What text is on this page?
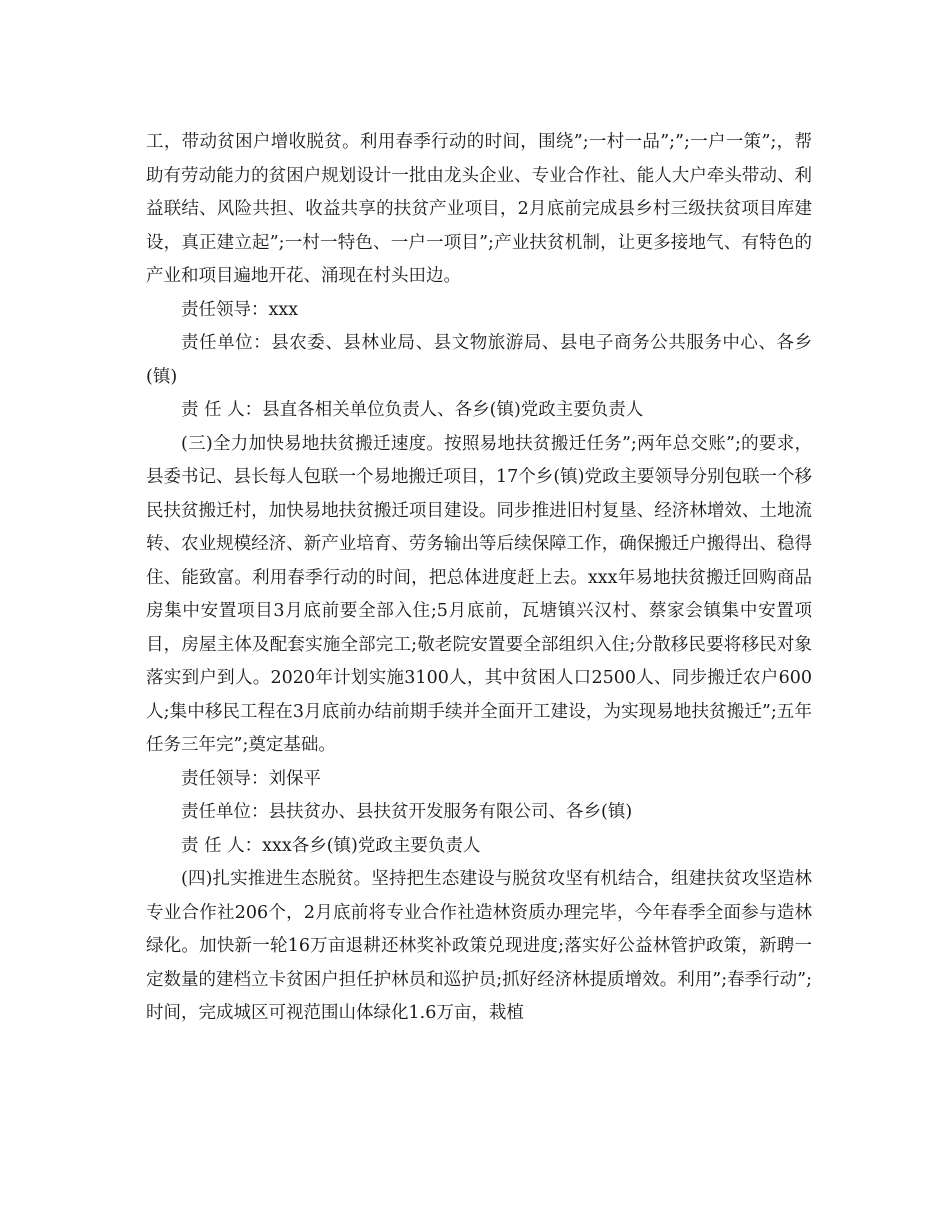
工，带动贫困户增收脱贫。利用春季行动的时间，围绕”;一村一品”;”;一户一策”;，帮助有劳动能力的贫困户规划设计一批由龙头企业、专业合作社、能人大户牵头带动、利益联结、风险共担、收益共享的扶贫产业项目，2月底前完成县乡村三级扶贫项目库建设，真正建立起”;一村一特色、一户一项目”;产业扶贫机制，让更多接地气、有特色的产业和项目遍地开花、涌现在村头田边。

责任领导：xxx

责任单位：县农委、县林业局、县文物旅游局、县电子商务公共服务中心、各乡(镇)

责 任 人：县直各相关单位负责人、各乡(镇)党政主要负责人

(三)全力加快易地扶贫搬迁速度。按照易地扶贫搬迁任务”;两年总交账”;的要求，县委书记、县长每人包联一个易地搬迁项目，17个乡(镇)党政主要领导分别包联一个移民扶贫搬迁村，加快易地扶贫搬迁项目建设。同步推进旧村复垦、经济林增效、土地流转、农业规模经济、新产业培育、劳务输出等后续保障工作，确保搬迁户搬得出、稳得住、能致富。利用春季行动的时间，把总体进度赶上去。xxx年易地扶贫搬迁回购商品房集中安置项目3月底前要全部入住;5月底前，瓦塘镇兴汉村、蔡家会镇集中安置项目，房屋主体及配套实施全部完工;敬老院安置要全部组织入住;分散移民要将移民对象落实到户到人。2020年计划实施3100人，其中贫困人口2500人、同步搬迁农户600人;集中移民工程在3月底前办结前期手续并全面开工建设，为实现易地扶贫搬迁”;五年任务三年完”;奠定基础。

责任领导：刘保平

责任单位：县扶贫办、县扶贫开发服务有限公司、各乡(镇)

责 任 人：xxx各乡(镇)党政主要负责人

(四)扎实推进生态脱贫。坚持把生态建设与脱贫攻坚有机结合，组建扶贫攻坚造林专业合作社206个，2月底前将专业合作社造林资质办理完毕，今年春季全面参与造林绿化。加快新一轮16万亩退耕还林奖补政策兑现进度;落实好公益林管护政策，新聘一定数量的建档立卡贫困户担任护林员和巡护员;抓好经济林提质增效。利用”;春季行动”;时间，完成城区可视范围山体绿化1.6万亩，栽植
